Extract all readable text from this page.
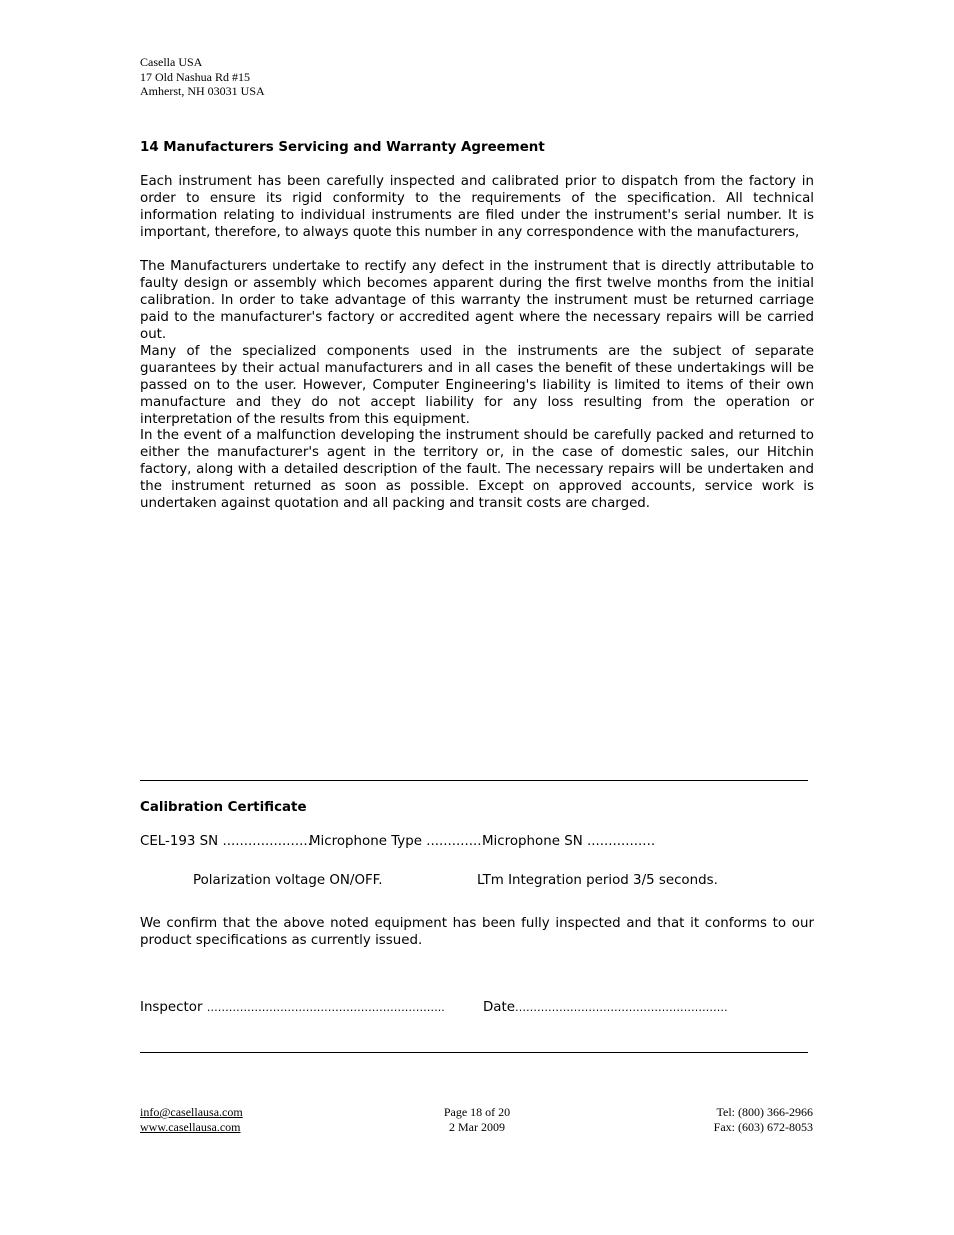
Casella USA
17 Old Nashua Rd #15
Amherst, NH 03031 USA
14 Manufacturers Servicing and Warranty Agreement

Each instrument has been carefully inspected and calibrated prior to dispatch from the factory in order to ensure its rigid conformity to the requirements of the specification. All technical information relating to individual instruments are filed under the instrument's serial number. It is important, therefore, to always quote this number in any correspondence with the manufacturers,

The Manufacturers undertake to rectify any defect in the instrument that is directly attributable to faulty design or assembly which becomes apparent during the first twelve months from the initial calibration. In order to take advantage of this warranty the instrument must be returned carriage paid to the manufacturer's factory or accredited agent where the necessary repairs will be carried out.

Many of the specialized components used in the instruments are the subject of separate guarantees by their actual manufacturers and in all cases the benefit of these undertakings will be passed on to the user. However, Computer Engineering's liability is limited to items of their own manufacture and they do not accept liability for any loss resulting from the operation or interpretation of the results from this equipment.

In the event of a malfunction developing the instrument should be carefully packed and returned to either the manufacturer's agent in the territory or, in the case of domestic sales, our Hitchin factory, along with a detailed description of the fault. The necessary repairs will be undertaken and the instrument returned as soon as possible. Except on approved accounts, service work is undertaken against quotation and all packing and transit costs are charged.

Calibration Certificate
CEL-193 SN .....................
Microphone Type ............. Microphone SN ................
Polarization voltage ON/OFF.	LTm Integration period 3/5 seconds.

We confirm that the above noted equipment has been fully inspected and that it conforms to our product specifications as currently issued.

Inspector ………………………………………………………..	Date………………………………………………….
info@casellausa.com
www.casellausa.com
Page 18 of 20
2 Mar 2009
Tel: (800) 366-2966
Fax: (603) 672-8053
